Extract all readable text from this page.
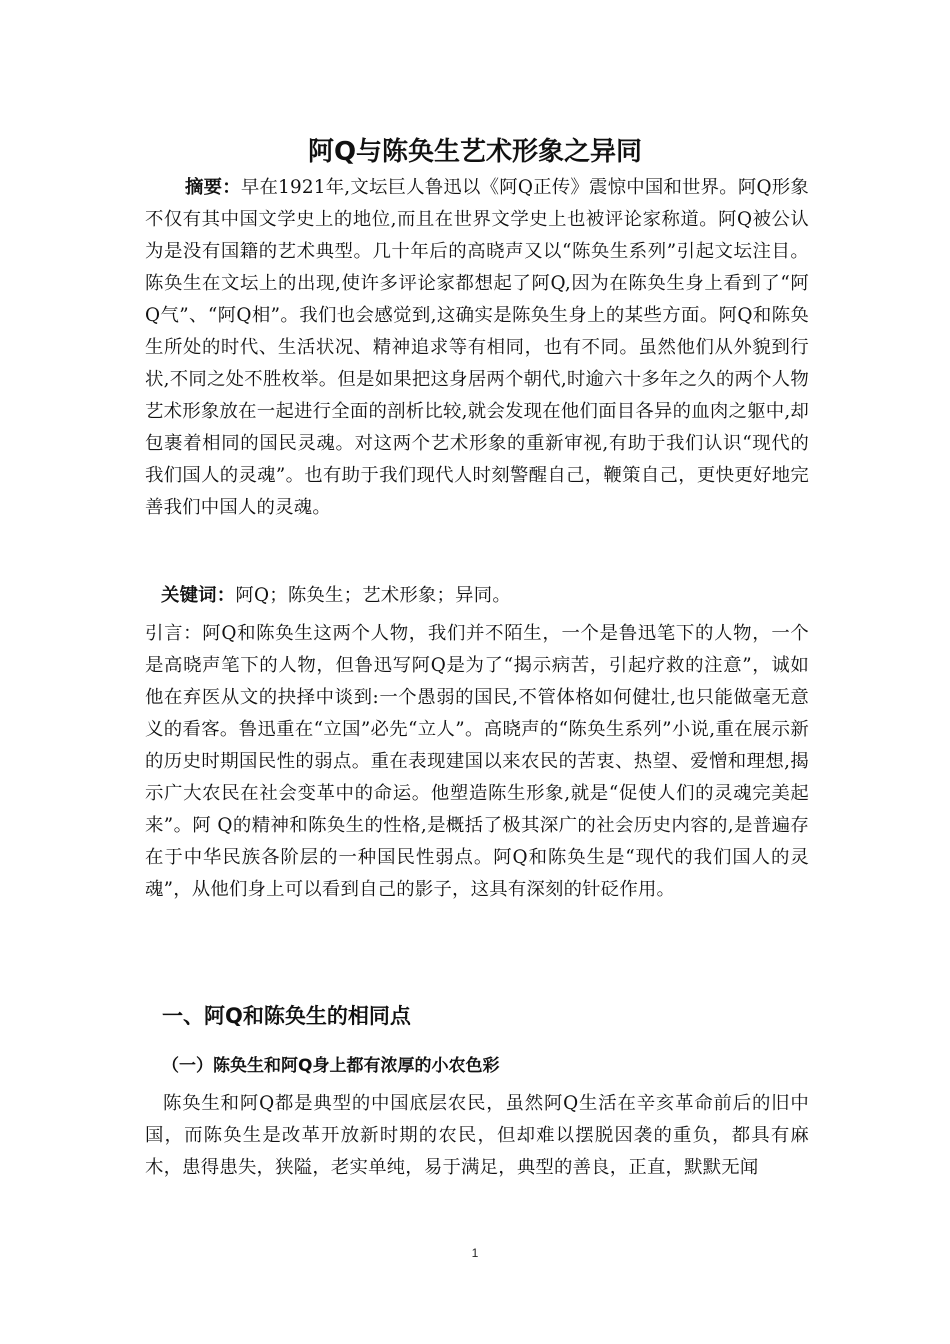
阿Q与陈奂生艺术形象之异同
摘要：早在1921年,文坛巨人鲁迅以《阿Q正传》震惊中国和世界。阿Q形象不仅有其中国文学史上的地位,而且在世界文学史上也被评论家称道。阿Q被公认为是没有国籍的艺术典型。几十年后的高晓声又以“陈奂生系列”引起文坛注目。陈奂生在文坛上的出现,使许多评论家都想起了阿Q,因为在陈奂生身上看到了“阿Q气”、“阿Q相”。我们也会感觉到,这确实是陈奂生身上的某些方面。阿Q和陈奂生所处的时代、生活状况、精神追求等有相同，也有不同。虽然他们从外貌到行状,不同之处不胜枚举。但是如果把这身居两个朝代,时逾六十多年之久的两个人物艺术形象放在一起进行全面的剖析比较,就会发现在他们面目各异的血肉之躯中,却包裹着相同的国民灵魂。对这两个艺术形象的重新审视,有助于我们认识“现代的我们国人的灵魂”。也有助于我们现代人时刻警醒自己，鞭策自己，更快更好地完善我们中国人的灵魂。
关键词：阿Q；陈奂生；艺术形象；异同。
引言：阿Q和陈奂生这两个人物，我们并不陌生，一个是鲁迅笔下的人物，一个是高晓声笔下的人物，但鲁迅写阿Q是为了“揭示病苦，引起疗救的注意”，诚如他在弃医从文的抉择中谈到:一个愚弱的国民,不管体格如何健壮,也只能做毫无意义的看客。鲁迅重在“立国”必先“立人”。高晓声的“陈奂生系列”小说,重在展示新的历史时期国民性的弱点。重在表现建国以来农民的苦衷、热望、爱憎和理想,揭示广大农民在社会变革中的命运。他塑造陈生形象,就是“促使人们的灵魂完美起来”。阿 Q的精神和陈奂生的性格,是概括了极其深广的社会历史内容的,是普遍存在于中华民族各阶层的一种国民性弱点。阿Q和陈奂生是“现代的我们国人的灵魂”，从他们身上可以看到自己的影子，这具有深刻的针砭作用。
一、阿Q和陈奂生的相同点
（一）陈奂生和阿Q身上都有浓厚的小农色彩
陈奂生和阿Q都是典型的中国底层农民，虽然阿Q生活在辛亥革命前后的旧中国，而陈奂生是改革开放新时期的农民，但却难以摆脱因袭的重负，都具有麻木，患得患失，狭隘，老实单纯，易于满足，典型的善良，正直，默默无闻
1
